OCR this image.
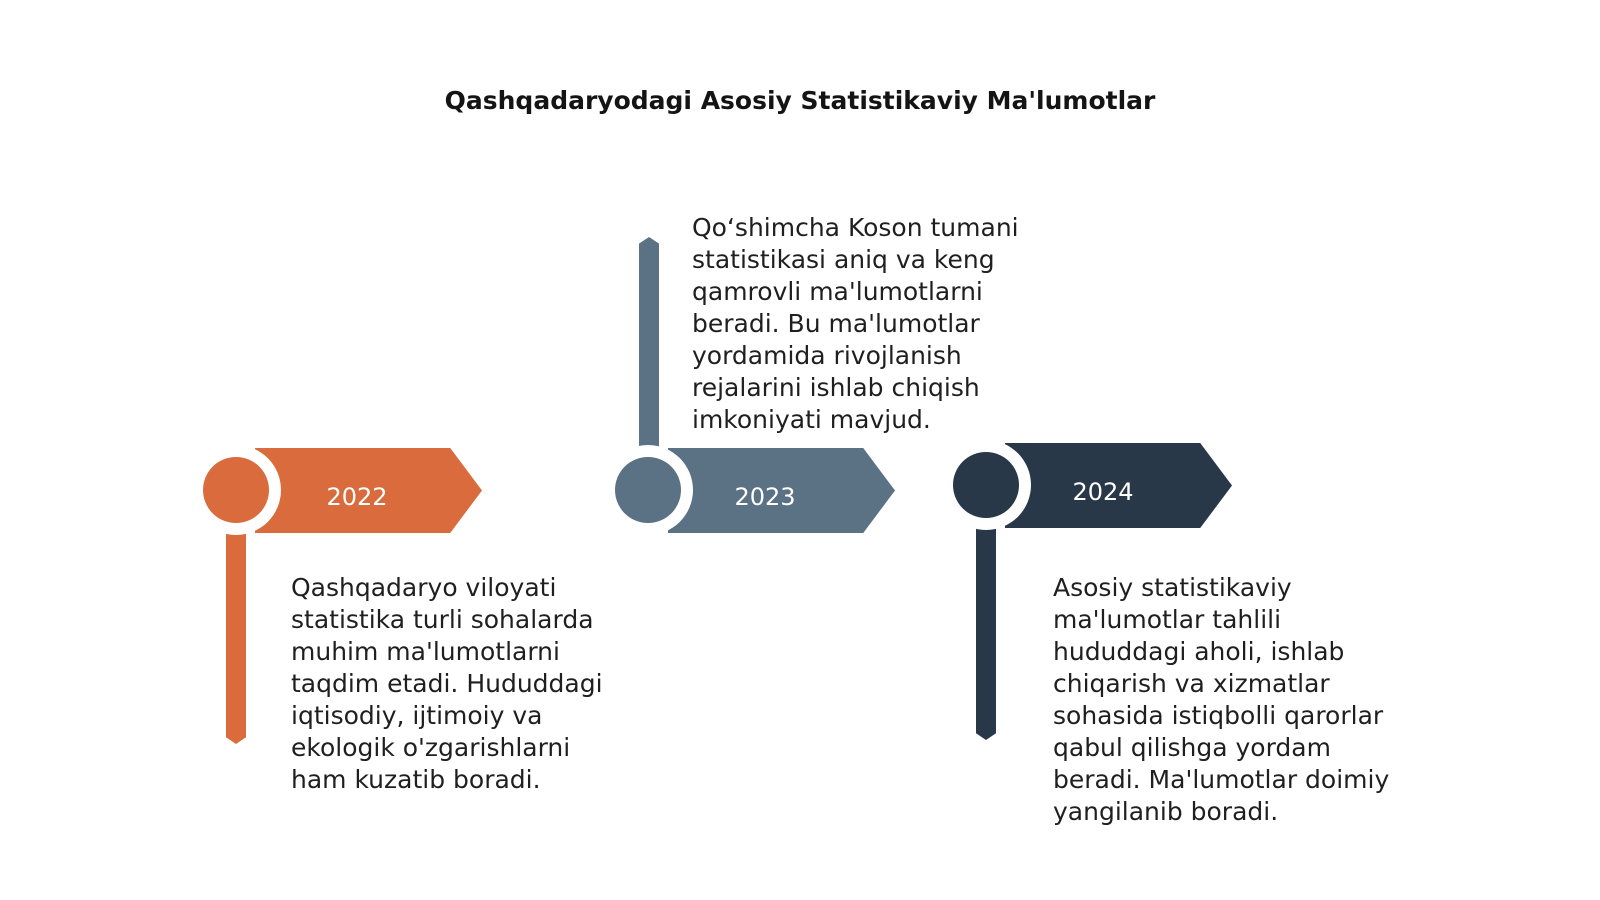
Qashqadaryodagi Asosiy Statistikaviy Ma'lumotlar
2022

Qashqadaryo viloyati
statistika turli sohalarda
muhim ma'lumotlarni
taqdim etadi. Hududdagi
iqtisodiy, ijtimoiy va
ekologik o'zgarishlarni
ham kuzatib boradi.

2023

Qo‘shimcha Koson tumani
statistikasi aniq va keng
qamrovli ma'lumotlarni
beradi. Bu ma'lumotlar
yordamida rivojlanish
rejalarini ishlab chiqish
imkoniyati mavjud.

2024

Asosiy statistikaviy
ma'lumotlar tahlili
hududdagi aholi, ishlab
chiqarish va xizmatlar
sohasida istiqbolli qarorlar
qabul qilishga yordam
beradi. Ma'lumotlar doimiy
yangilanib boradi.
